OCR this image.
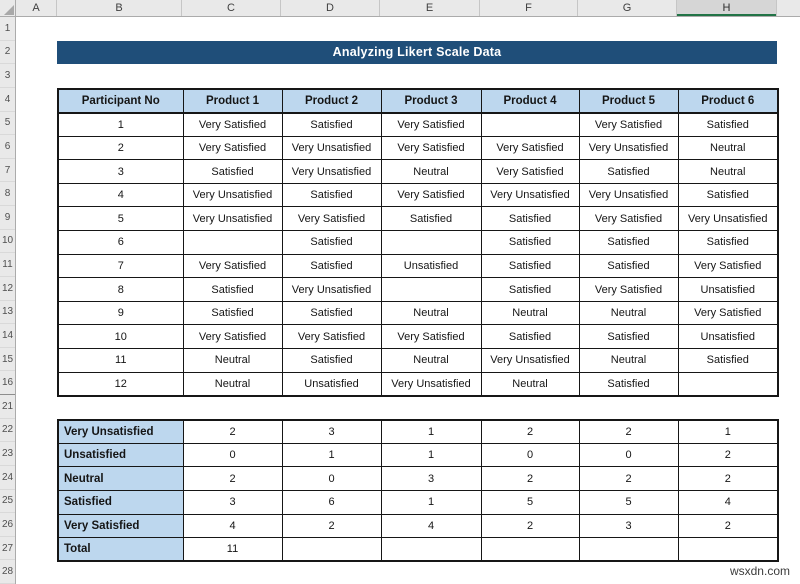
A	B	C	D	E	F	G	H
1
2
3
4
5
6
7
8
9
10
11
12
13
14
15
16
21
22
23
24
25
26
27
28
Analyzing Likert Scale Data
Participant No	Product 1	Product 2	Product 3	Product 4	Product 5	Product 6
1	Very Satisfied	Satisfied	Very Satisfied		Very Satisfied	Satisfied
2	Very Satisfied	Very Unsatisfied	Very Satisfied	Very Satisfied	Very Unsatisfied	Neutral
3	Satisfied	Very Unsatisfied	Neutral	Very Satisfied	Satisfied	Neutral
4	Very Unsatisfied	Satisfied	Very Satisfied	Very Unsatisfied	Very Unsatisfied	Satisfied
5	Very Unsatisfied	Very Satisfied	Satisfied	Satisfied	Very Satisfied	Very Unsatisfied
6		Satisfied		Satisfied	Satisfied	Satisfied
7	Very Satisfied	Satisfied	Unsatisfied	Satisfied	Satisfied	Very Satisfied
8	Satisfied	Very Unsatisfied		Satisfied	Very Satisfied	Unsatisfied
9	Satisfied	Satisfied	Neutral	Neutral	Neutral	Very Satisfied
10	Very Satisfied	Very Satisfied	Very Satisfied	Satisfied	Satisfied	Unsatisfied
11	Neutral	Satisfied	Neutral	Very Unsatisfied	Neutral	Satisfied
12	Neutral	Unsatisfied	Very Unsatisfied	Neutral	Satisfied	
Very Unsatisfied	2	3	1	2	2	1
Unsatisfied	0	1	1	0	0	2
Neutral	2	0	3	2	2	2
Satisfied	3	6	1	5	5	4
Very Satisfied	4	2	4	2	3	2
Total	11					
wsxdn.com
